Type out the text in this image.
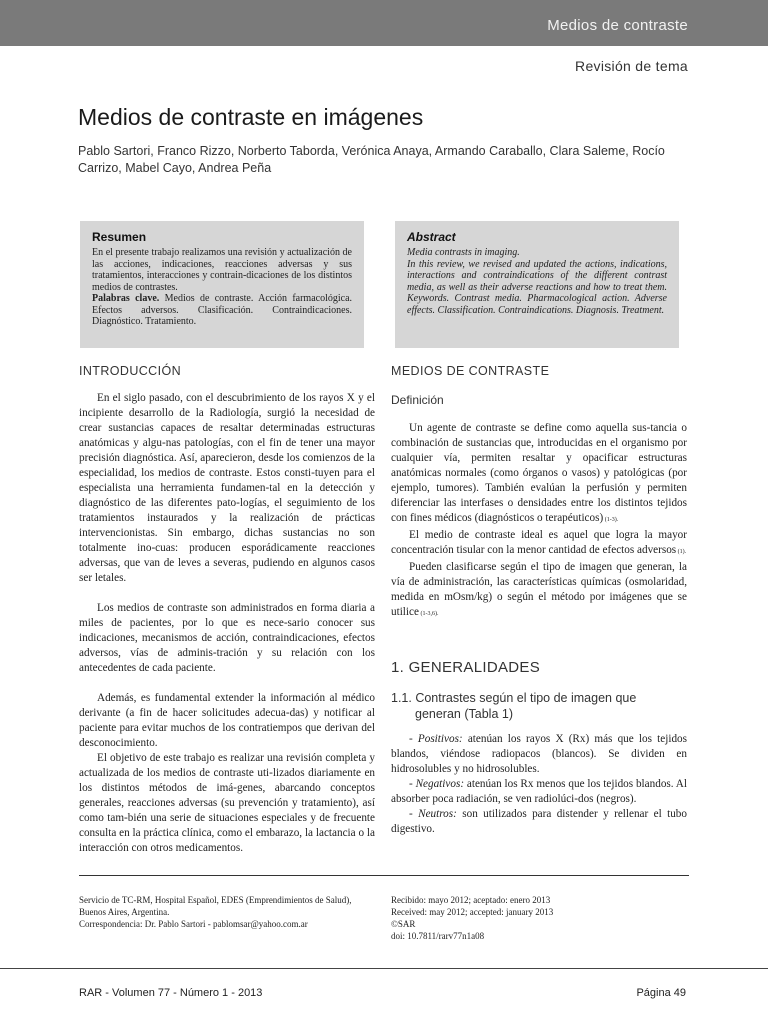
Medios de contraste
Revisión de tema
Medios de contraste en imágenes
Pablo Sartori, Franco Rizzo, Norberto Taborda, Verónica Anaya, Armando Caraballo, Clara Saleme, Rocío Carrizo, Mabel Cayo, Andrea Peña
Resumen

En el presente trabajo realizamos una revisión y actualización de las acciones, indicaciones, reacciones adversas y sus tratamientos, interacciones y contrain-dicaciones de los distintos medios de contrastes.
Palabras clave. Medios de contraste. Acción farmacológica. Efectos adversos. Clasificación. Contraindicaciones. Diagnóstico. Tratamiento.

Abstract

Media contrasts in imaging.
In this review, we revised and updated the actions, indications, interactions and contraindications of the different contrast media, as well as their adverse reactions and how to treat them. Keywords. Contrast media. Pharmacological action. Adverse effects. Classification. Contraindications. Diagnosis. Treatment.

INTRODUCCIÓN

En el siglo pasado, con el descubrimiento de los rayos X y el incipiente desarrollo de la Radiología, surgió la necesidad de crear sustancias capaces de resaltar determinadas estructuras anatómicas y algu-nas patologías, con el fin de tener una mayor precisión diagnóstica. Así, aparecieron, desde los comienzos de la especialidad, los medios de contraste. Estos consti-tuyen para el especialista una herramienta fundamen-tal en la detección y diagnóstico de las diferentes pato-logías, el seguimiento de los tratamientos instaurados y la realización de prácticas intervencionistas. Sin embargo, dichas sustancias no son totalmente ino-cuas: producen esporádicamente reacciones adversas, que van de leves a severas, pudiendo en algunos casos ser letales.

Los medios de contraste son administrados en forma diaria a miles de pacientes, por lo que es nece-sario conocer sus indicaciones, mecanismos de acción, contraindicaciones, efectos adversos, vías de adminis-tración y su relación con los antecedentes de cada paciente.

Además, es fundamental extender la información al médico derivante (a fin de hacer solicitudes adecua-das) y notificar al paciente para evitar muchos de los contratiempos que derivan del desconocimiento.

El objetivo de este trabajo es realizar una revisión completa y actualizada de los medios de contraste uti-lizados diariamente en los distintos métodos de imá-genes, abarcando conceptos generales, reacciones adversas (su prevención y tratamiento), así como tam-bién una serie de situaciones especiales y de frecuente consulta en la práctica clínica, como el embarazo, la lactancia o la interacción con otros medicamentos.

MEDIOS DE CONTRASTE
Definición

Un agente de contraste se define como aquella sus-tancia o combinación de sustancias que, introducidas en el organismo por cualquier vía, permiten resaltar y opacificar estructuras anatómicas normales (como órganos o vasos) y patológicas (por ejemplo, tumores). También evalúan la perfusión y permiten diferenciar las interfases o densidades entre los distintos tejidos con fines médicos (diagnósticos o terapéuticos) (1-3).

El medio de contraste ideal es aquel que logra la mayor concentración tisular con la menor cantidad de efectos adversos (1).

Pueden clasificarse según el tipo de imagen que generan, la vía de administración, las características químicas (osmolaridad, medida en mOsm/kg) o según el método por imágenes que se utilice (1-3,6).

1. GENERALIDADES
1.1. Contrastes según el tipo de imagen que
generan (Tabla 1)

- Positivos: atenúan los rayos X (Rx) más que los tejidos blandos, viéndose radiopacos (blancos). Se dividen en hidrosolubles y no hidrosolubles.

- Negativos: atenúan los Rx menos que los tejidos blandos. Al absorber poca radiación, se ven radiolúci-dos (negros).

- Neutros: son utilizados para distender y rellenar el tubo digestivo.

Servicio de TC-RM, Hospital Español, EDES (Emprendimientos de Salud), Buenos Aires, Argentina.
Correspondencia: Dr. Pablo Sartori - pablomsar@yahoo.com.ar
Recibido: mayo 2012; aceptado: enero 2013
Received: may 2012; accepted: january 2013
©SAR
doi: 10.7811/rarv77n1a08
RAR - Volumen 77 - Número 1 - 2013	Página 49
